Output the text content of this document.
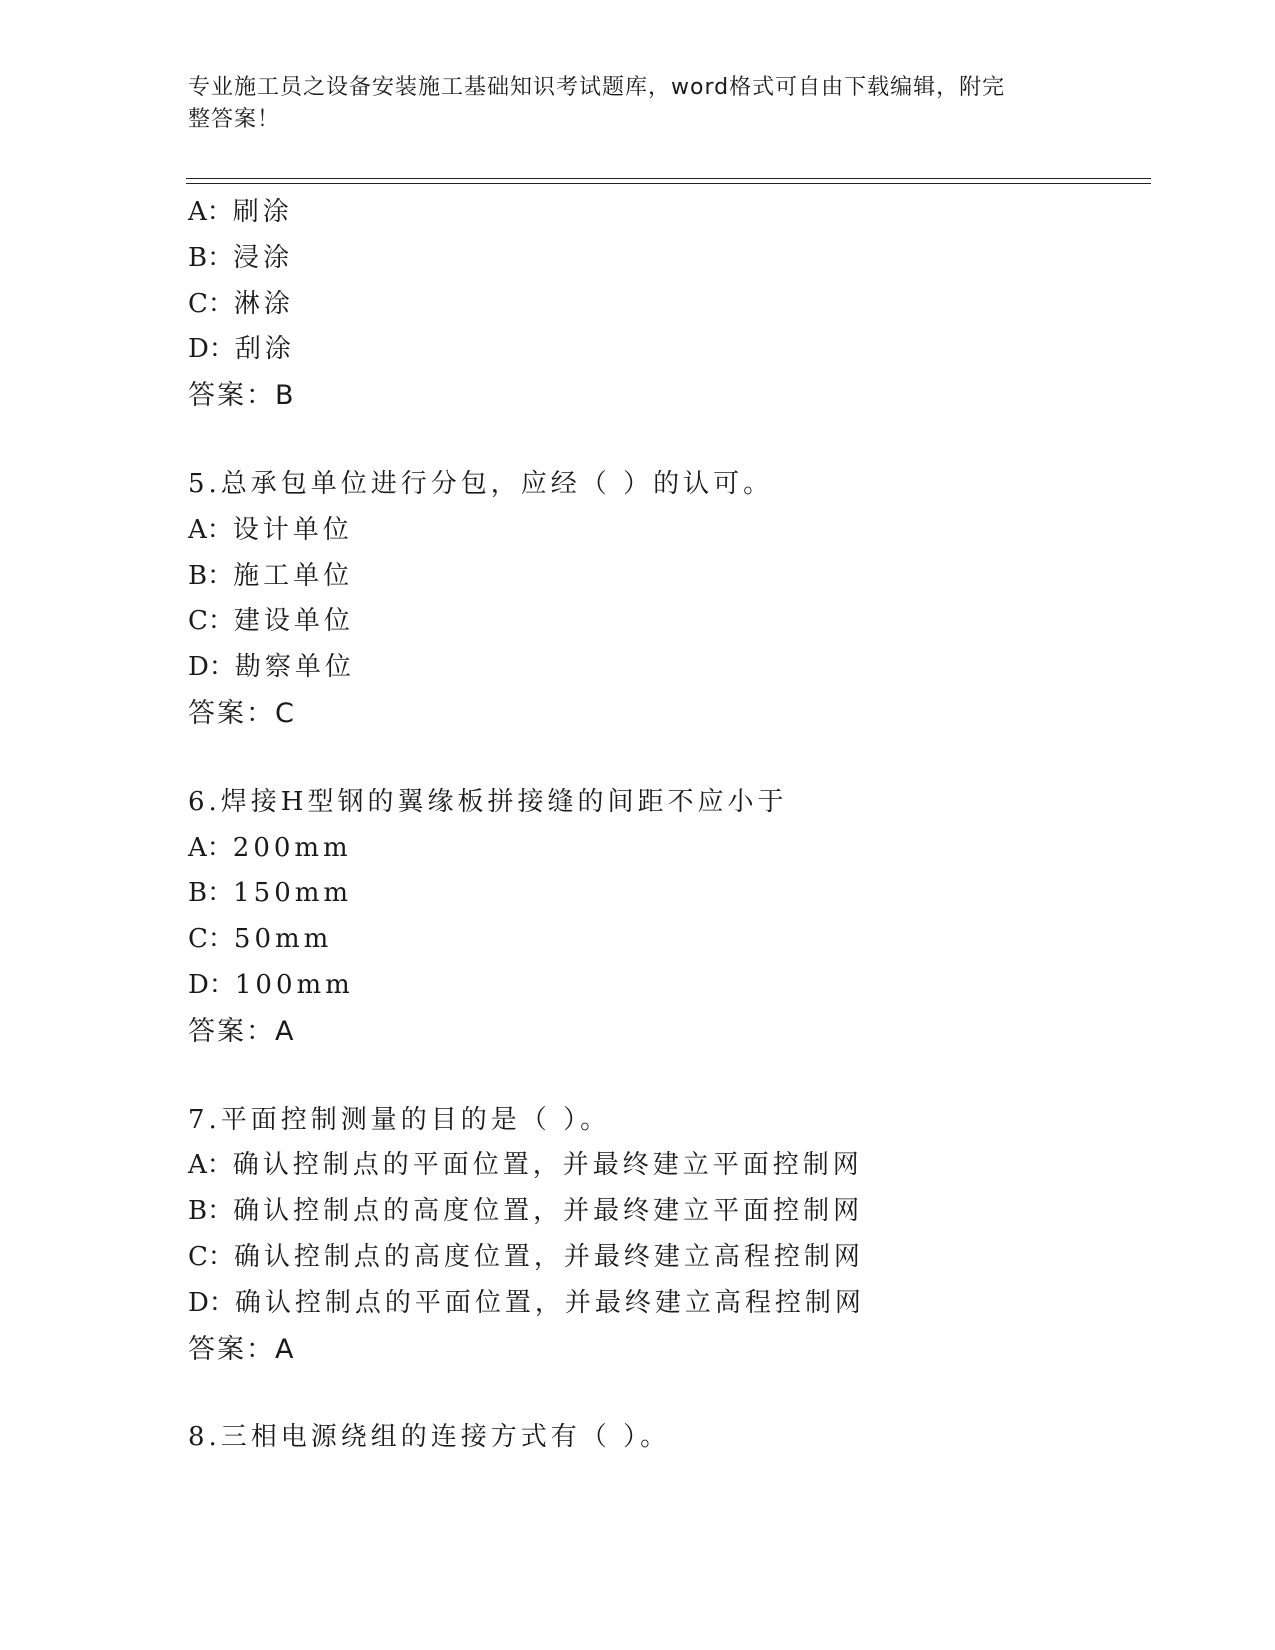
专业施工员之设备安装施工基础知识考试题库，word格式可自由下载编辑，附完
整答案！
A：刷涂
B：浸涂
C：淋涂
D：刮涂
答案：B
5.总承包单位进行分包，应经（ ）的认可。
A：设计单位
B：施工单位
C：建设单位
D：勘察单位
答案：C
6.焊接H型钢的翼缘板拼接缝的间距不应小于
A：200mm
B：150mm
C：50mm
D：100mm
答案：A
7.平面控制测量的目的是（ ）。
A：确认控制点的平面位置，并最终建立平面控制网
B：确认控制点的高度位置，并最终建立平面控制网
C：确认控制点的高度位置，并最终建立高程控制网
D：确认控制点的平面位置，并最终建立高程控制网
答案：A
8.三相电源绕组的连接方式有（ ）。
